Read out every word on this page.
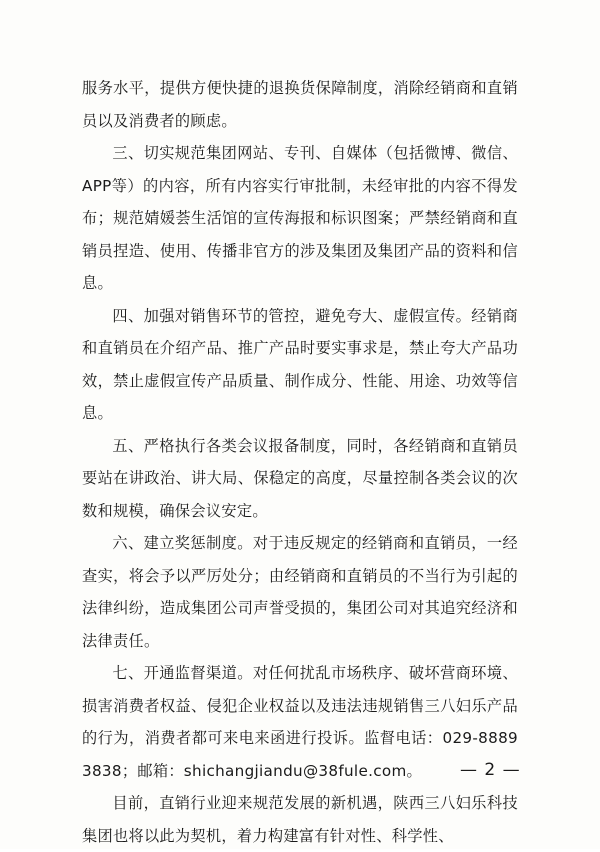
服务水平，提供方便快捷的退换货保障制度，消除经销商和直销员以及消费者的顾虑。

三、切实规范集团网站、专刊、自媒体（包括微博、微信、APP等）的内容，所有内容实行审批制，未经审批的内容不得发布；规范婧媛荟生活馆的宣传海报和标识图案；严禁经销商和直销员捏造、使用、传播非官方的涉及集团及集团产品的资料和信息。

四、加强对销售环节的管控，避免夸大、虚假宣传。经销商和直销员在介绍产品、推广产品时要实事求是，禁止夸大产品功效，禁止虚假宣传产品质量、制作成分、性能、用途、功效等信息。

五、严格执行各类会议报备制度，同时，各经销商和直销员要站在讲政治、讲大局、保稳定的高度，尽量控制各类会议的次数和规模，确保会议安定。

六、建立奖惩制度。对于违反规定的经销商和直销员，一经查实，将会予以严厉处分；由经销商和直销员的不当行为引起的法律纠纷，造成集团公司声誉受损的，集团公司对其追究经济和法律责任。

七、开通监督渠道。对任何扰乱市场秩序、破坏营商环境、损害消费者权益、侵犯企业权益以及违法违规销售三八妇乐产品的行为，消费者都可来电来函进行投诉。监督电话：029-88893838；邮箱：shichangjiandu@38fule.com。

目前，直销行业迎来规范发展的新机遇，陕西三八妇乐科技集团也将以此为契机，着力构建富有针对性、科学性、

— 2 —
